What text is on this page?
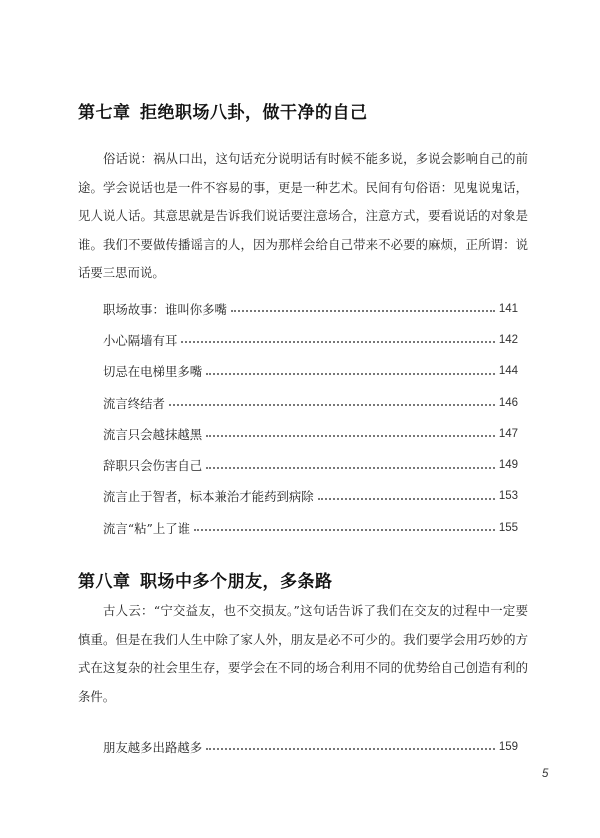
第七章 拒绝职场八卦，做干净的自己
俗话说：祸从口出，这句话充分说明话有时候不能多说，多说会影响自己的前途。学会说话也是一件不容易的事，更是一种艺术。民间有句俗语：见鬼说鬼话，见人说人话。其意思就是告诉我们说话要注意场合，注意方式，要看说话的对象是谁。我们不要做传播谣言的人，因为那样会给自己带来不必要的麻烦，正所谓：说话要三思而说。
职场故事：谁叫你多嘴	141
小心隔墙有耳	142
切忌在电梯里多嘴	144
流言终结者	146
流言只会越抹越黑	147
辞职只会伤害自己	149
流言止于智者，标本兼治才能药到病除	153
流言“粘”上了谁	155
第八章 职场中多个朋友，多条路
古人云：“宁交益友，也不交损友。”这句话告诉了我们在交友的过程中一定要慎重。但是在我们人生中除了家人外，朋友是必不可少的。我们要学会用巧妙的方式在这复杂的社会里生存，要学会在不同的场合利用不同的优势给自己创造有利的条件。
朋友越多出路越多	159
5
